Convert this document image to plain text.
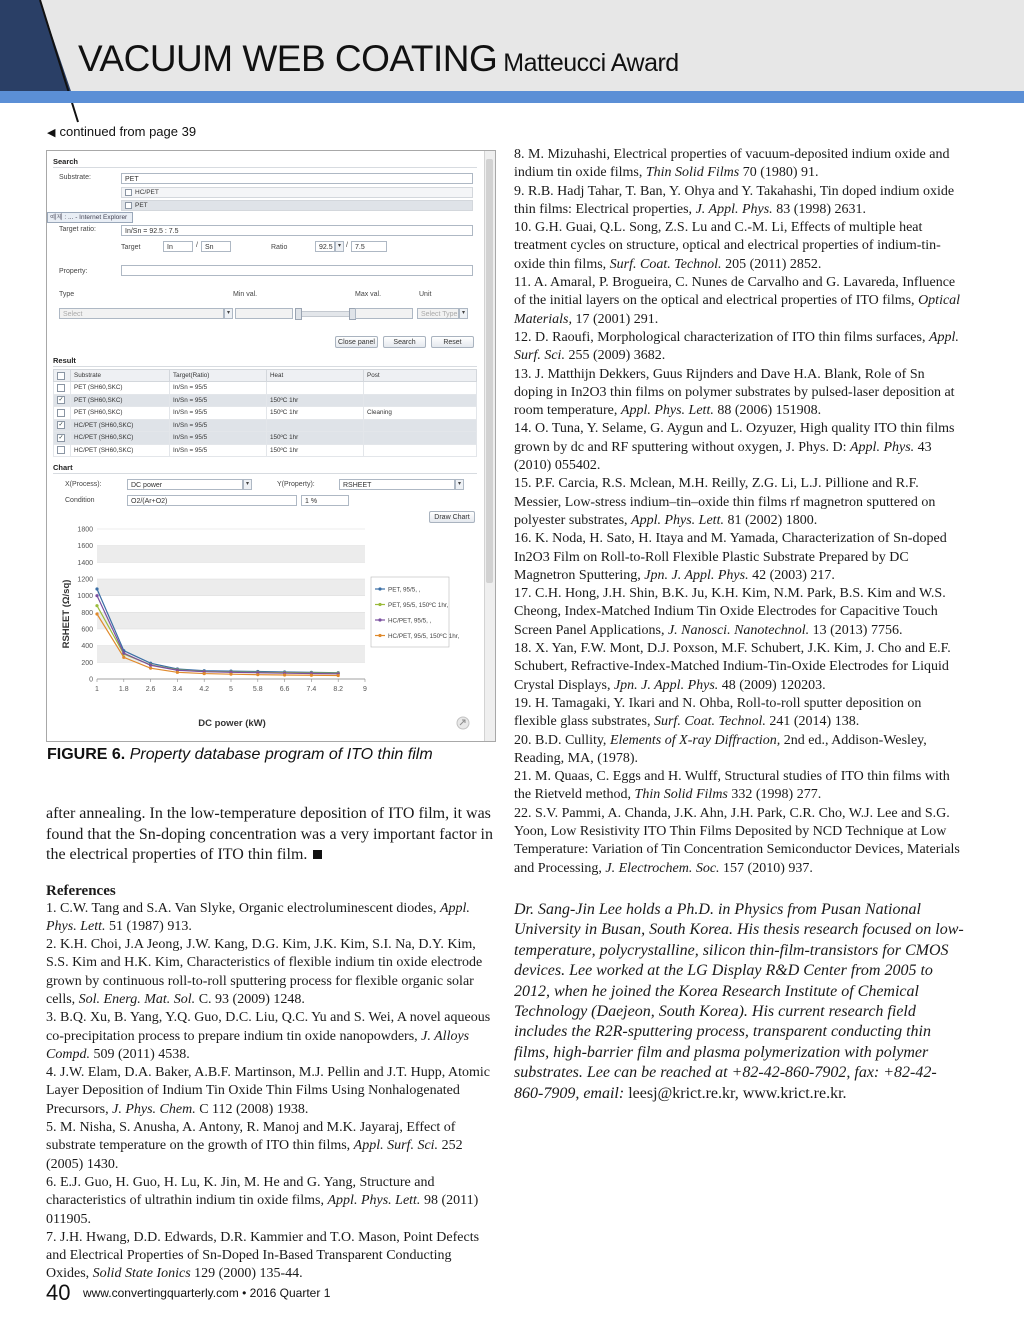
VACUUM WEB COATING Matteucci Award
◀ continued from page 39
Search
Substrate:	PET
HC/PET
PET
예제 : ... - Internet Explorer
Target ratio:	In/Sn = 92.5 : 7.5
Target	In	/	Sn	Ratio	92.5 ▾ /	7.5
Property:
Type	Min val.	Max val.	Unit
Select	▾	Select Type ▾
Close panel	Search	Reset
Result
	Substrate	Target(Ratio)	Heat	Post
	PET (SH60,SKC)	In/Sn = 95/5		
✓	PET (SH60,SKC)	In/Sn = 95/5	150ºC 1hr	
	PET (SH60,SKC)	In/Sn = 95/5	150ºC 1hr	Cleaning
✓	HC/PET (SH60,SKC)	In/Sn = 95/5		
✓	HC/PET (SH60,SKC)	In/Sn = 95/5	150ºC 1hr	
	HC/PET (SH60,SKC)	In/Sn = 95/5	150ºC 1hr	
Chart
X(Process):	DC power	▾	Y(Property):	RSHEET	▾
Condition	O2/(Ar+O2)	1 %
Draw Chart
0
200
400
600
800
1000
1200
1400
1600
1800
1	1.8 2.6 3.4 4.2	5	5.8 6.6 7.4 8.2	9
RSHEET (Ω/sq)
DC power (kW)
PET, 95/5, ,
PET, 95/5, 150ºC 1hr,
HC/PET, 95/5, ,
HC/PET, 95/5, 150ºC 1hr,
FIGURE 6. Property database program of ITO thin film

after annealing. In the low-temperature deposition of ITO film, it was found that the Sn-doping concentration was a very important factor in the electrical properties of ITO thin film.

References

1. C.W. Tang and S.A. Van Slyke, Organic electroluminescent diodes, Appl. Phys. Lett. 51 (1987) 913.

2. K.H. Choi, J.A Jeong, J.W. Kang, D.G. Kim, J.K. Kim, S.I. Na, D.Y. Kim, S.S. Kim and H.K. Kim, Characteristics of flexible indium tin oxide electrode grown by continuous roll-to-roll sputtering process for flexible organic solar cells, Sol. Energ. Mat. Sol. C. 93 (2009) 1248.

3. B.Q. Xu, B. Yang, Y.Q. Guo, D.C. Liu, Q.C. Yu and S. Wei, A novel aqueous co-precipitation process to prepare indium tin oxide nanopowders, J. Alloys Compd. 509 (2011) 4538.

4. J.W. Elam, D.A. Baker, A.B.F. Martinson, M.J. Pellin and J.T. Hupp, Atomic Layer Deposition of Indium Tin Oxide Thin Films Using Nonhalogenated Precursors, J. Phys. Chem. C 112 (2008) 1938.

5. M. Nisha, S. Anusha, A. Antony, R. Manoj and M.K. Jayaraj, Effect of substrate temperature on the growth of ITO thin films, Appl. Surf. Sci. 252 (2005) 1430.

6. E.J. Guo, H. Guo, H. Lu, K. Jin, M. He and G. Yang, Structure and characteristics of ultrathin indium tin oxide films, Appl. Phys. Lett. 98 (2011) 011905.

7. J.H. Hwang, D.D. Edwards, D.R. Kammier and T.O. Mason, Point Defects and Electrical Properties of Sn-Doped In-Based Transparent Conducting Oxides, Solid State Ionics 129 (2000) 135-44.

8. M. Mizuhashi, Electrical properties of vacuum-deposited indium oxide and indium tin oxide films, Thin Solid Films 70 (1980) 91.

9. R.B. Hadj Tahar, T. Ban, Y. Ohya and Y. Takahashi, Tin doped indium oxide thin films: Electrical properties, J. Appl. Phys. 83 (1998) 2631.

10. G.H. Guai, Q.L. Song, Z.S. Lu and C.-M. Li, Effects of multiple heat treatment cycles on structure, optical and electrical properties of indium-tin-oxide thin films, Surf. Coat. Technol. 205 (2011) 2852.

11. A. Amaral, P. Brogueira, C. Nunes de Carvalho and G. Lavareda, Influence of the initial layers on the optical and electrical properties of ITO films, Optical Materials, 17 (2001) 291.

12. D. Raoufi, Morphological characterization of ITO thin films surfaces, Appl. Surf. Sci. 255 (2009) 3682.

13. J. Matthijn Dekkers, Guus Rijnders and Dave H.A. Blank, Role of Sn doping in In2O3 thin films on polymer substrates by pulsed-laser deposition at room temperature, Appl. Phys. Lett. 88 (2006) 151908.

14. O. Tuna, Y. Selame, G. Aygun and L. Ozyuzer, High quality ITO thin films grown by dc and RF sputtering without oxygen, J. Phys. D: Appl. Phys. 43 (2010) 055402.

15. P.F. Carcia, R.S. Mclean, M.H. Reilly, Z.G. Li, L.J. Pillione and R.F. Messier, Low-stress indium–tin–oxide thin films rf magnetron sputtered on polyester substrates, Appl. Phys. Lett. 81 (2002) 1800.

16. K. Noda, H. Sato, H. Itaya and M. Yamada, Characterization of Sn-doped In2O3 Film on Roll-to-Roll Flexible Plastic Substrate Prepared by DC Magnetron Sputtering, Jpn. J. Appl. Phys. 42 (2003) 217.

17. C.H. Hong, J.H. Shin, B.K. Ju, K.H. Kim, N.M. Park, B.S. Kim and W.S. Cheong, Index-Matched Indium Tin Oxide Electrodes for Capacitive Touch Screen Panel Applications, J. Nanosci. Nanotechnol. 13 (2013) 7756.

18. X. Yan, F.W. Mont, D.J. Poxson, M.F. Schubert, J.K. Kim, J. Cho and E.F. Schubert, Refractive-Index-Matched Indium-Tin-Oxide Electrodes for Liquid Crystal Displays, Jpn. J. Appl. Phys. 48 (2009) 120203.

19. H. Tamagaki, Y. Ikari and N. Ohba, Roll-to-roll sputter deposition on flexible glass substrates, Surf. Coat. Technol. 241 (2014) 138.

20. B.D. Cullity, Elements of X-ray Diffraction, 2nd ed., Addison-Wesley, Reading, MA, (1978).

21. M. Quaas, C. Eggs and H. Wulff, Structural studies of ITO thin films with the Rietveld method, Thin Solid Films 332 (1998) 277.

22. S.V. Pammi, A. Chanda, J.K. Ahn, J.H. Park, C.R. Cho, W.J. Lee and S.G. Yoon, Low Resistivity ITO Thin Films Deposited by NCD Technique at Low Temperature: Variation of Tin Concentration Semiconductor Devices, Materials and Processing, J. Electrochem. Soc. 157 (2010) 937.

Dr. Sang-Jin Lee holds a Ph.D. in Physics from Pusan National University in Busan, South Korea. His thesis research focused on low-temperature, polycrystalline, silicon thin-film-transistors for CMOS devices. Lee worked at the LG Display R&D Center from 2005 to 2012, when he joined the Korea Research Institute of Chemical Technology (Daejeon, South Korea). His current research field includes the R2R-sputtering process, transparent conducting thin films, high-barrier film and plasma polymerization with polymer substrates. Lee can be reached at +82-42-860-7902, fax: +82-42-860-7909, email: leesj@krict.re.kr, www.krict.re.kr.

40 www.convertingquarterly.com • 2016 Quarter 1
